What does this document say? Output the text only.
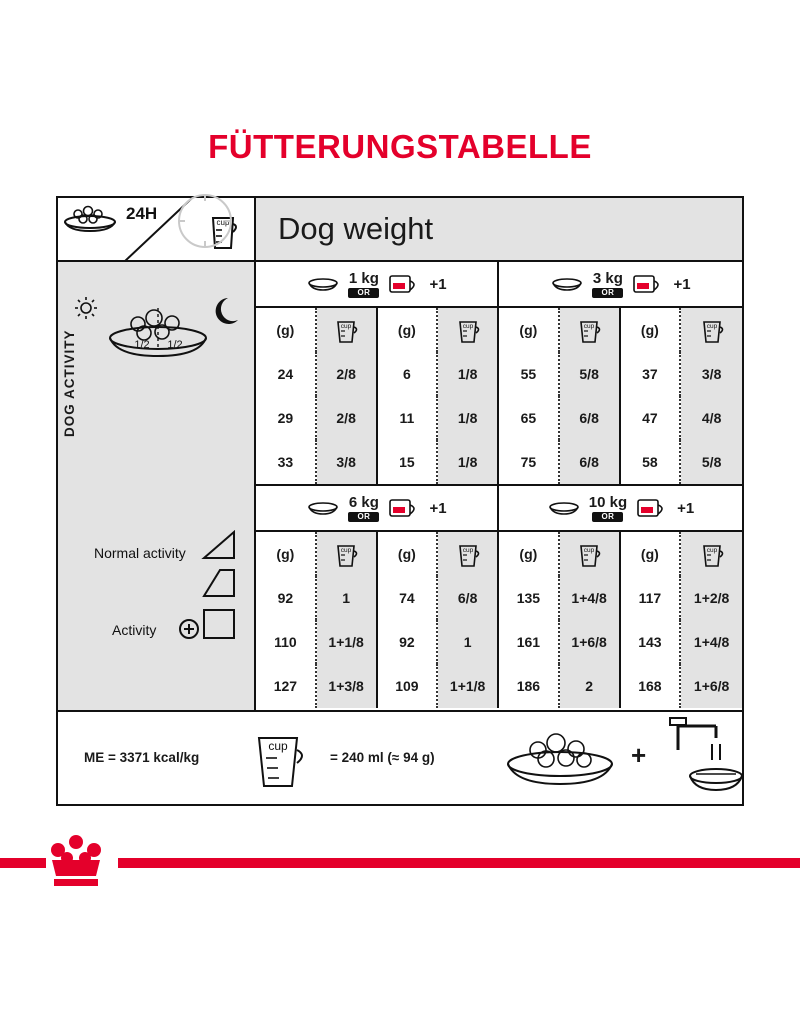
FÜTTERUNGSTABELLE
cup	Dog weight
24H
DOG ACTIVITY	1/2 1/2
Normal activity
Activity
1 kg
OR	+1	3 kg
OR	+1
(g)	cup	(g)	cup	(g)	cup	(g)	cup
24	2/8	6	1/8	55	5/8	37	3/8
29	2/8	11	1/8	65	6/8	47	4/8
33	3/8	15	1/8	75	6/8	58	5/8
6 kg
OR	+1	10 kg
OR	+1
(g)	cup	(g)	cup	(g)	cup	(g)	cup
92	1	74	6/8	135	1+4/8	117	1+2/8
110	1+1/8	92	1	161	1+6/8	143	1+4/8
127	1+3/8	109	1+1/8	186	2	168	1+6/8
ME = 3371 kcal/kg
cup
= 240 ml (≈ 94 g)	+
